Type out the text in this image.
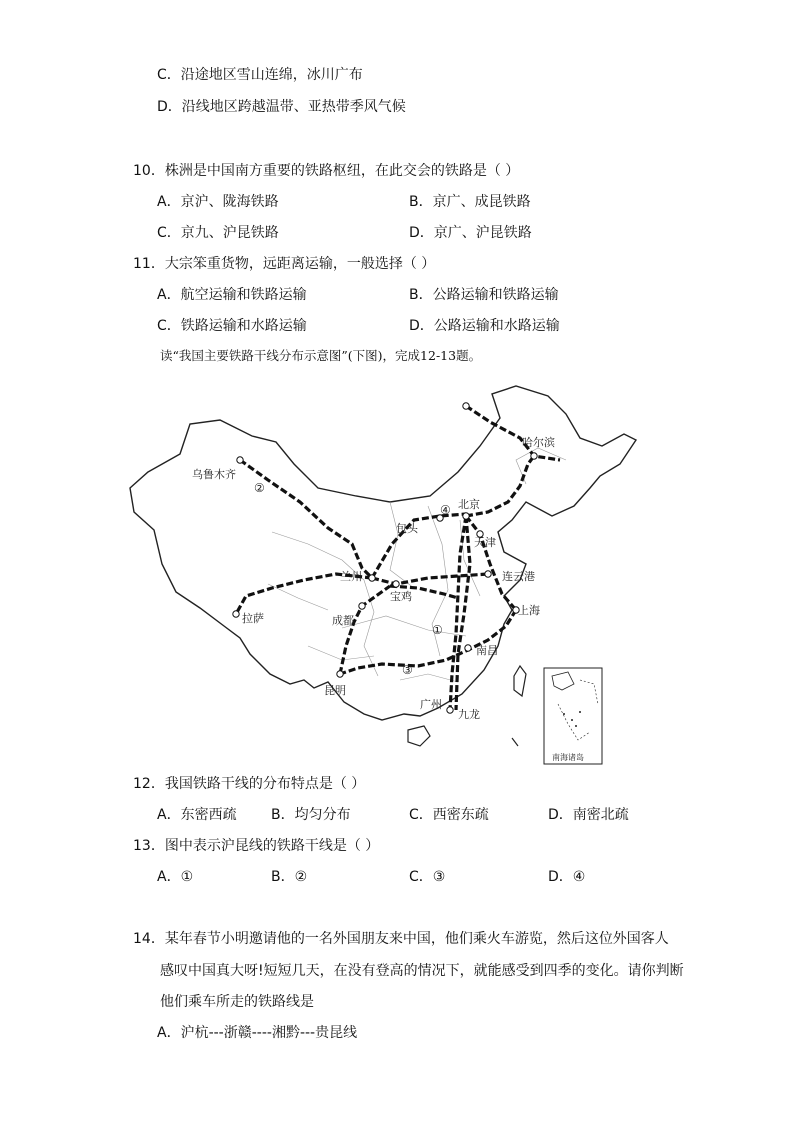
C．沿途地区雪山连绵，冰川广布
D．沿线地区跨越温带、亚热带季风气候
10．株洲是中国南方重要的铁路枢纽，在此交会的铁路是（ ）
A．京沪、陇海铁路	B．京广、成昆铁路
C．京九、沪昆铁路	D．京广、沪昆铁路
11．大宗笨重货物，远距离运输，一般选择（ ）
A．航空运输和铁路运输	B．公路运输和铁路运输
C．铁路运输和水路运输	D．公路运输和水路运输
读“我国主要铁路干线分布示意图”(下图)，完成12-13题。
乌鲁木齐
哈尔滨
包头
北京
天津
兰州	连云港
宝鸡
拉萨	成都
上海
南昌
昆明
广州
九龙
②
④
①
③
南海诸岛
12．我国铁路干线的分布特点是（ ）
A．东密西疏 B．均匀分布	C．西密东疏	D．南密北疏
13．图中表示沪昆线的铁路干线是（ ）
A．①	B．②	C．③	D．④
14．某年春节小明邀请他的一名外国朋友来中国，他们乘火车游览，然后这位外国客人
感叹中国真大呀!短短几天，在没有登高的情况下，就能感受到四季的变化。请你判断
他们乘车所走的铁路线是
A．沪杭---浙赣----湘黔---贵昆线
